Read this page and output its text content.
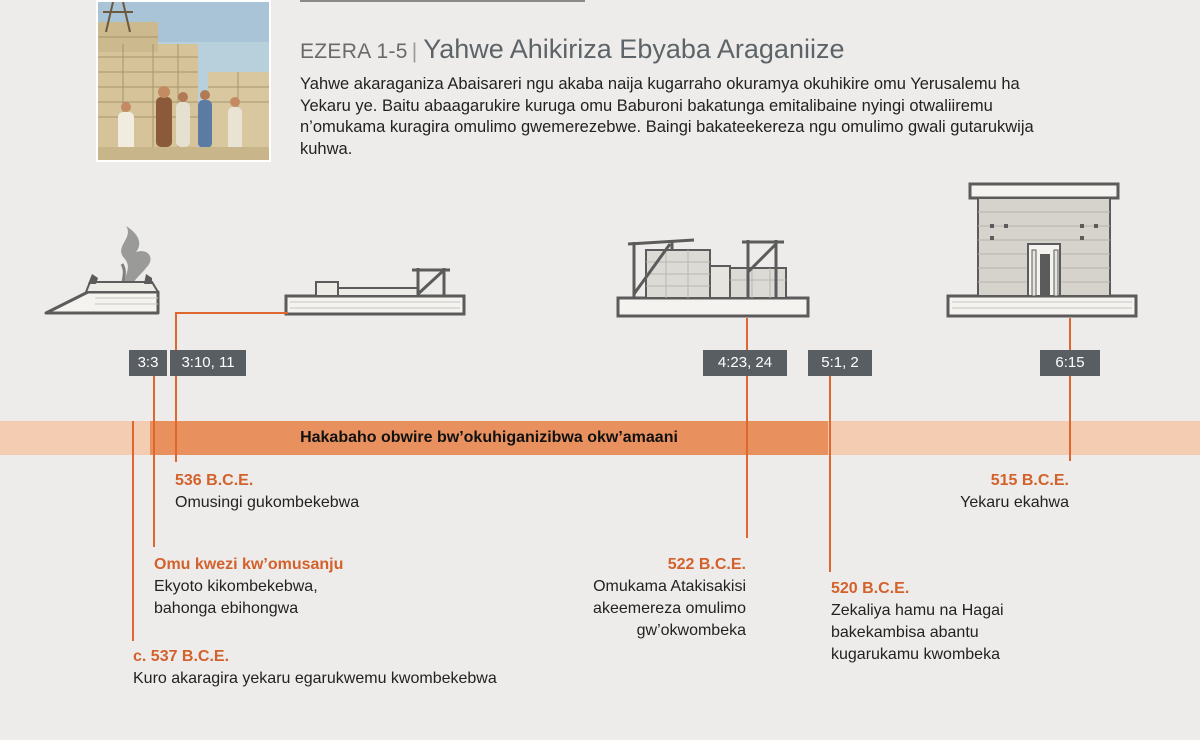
EZERA 1-5 | Yahwe Ahikiriza Ebyaba Araganiize
Yahwe akaraganiza Abaisareri ngu akaba naija kugarraho okuramya okuhikire omu Yerusalemu ha Yekaru ye. Baitu abaagarukire kuruga omu Baburoni bakatunga emitalibaine nyingi otwaliiremu n’omukama kuragira omulimo gwemerezebwe. Baingi bakateekereza ngu omulimo gwali gutarukwija kuhwa.
Hakabaho obwire bw’okuhiganizibwa okw’amaani
3:3	3:10, 11	4:23, 24	5:1, 2	6:15
536 B.C.E.
Omusingi gukombekebwa
Omu kwezi kw’omusanju
Ekyoto kikombekebwa,
bahonga ebihongwa
c. 537 B.C.E.
Kuro akaragira yekaru egarukwemu kwombekebwa
522 B.C.E.
Omukama Atakisakisi
akeemereza omulimo
gw’okwombeka
520 B.C.E.
Zekaliya hamu na Hagai
bakekambisa abantu
kugarukamu kwombeka
515 B.C.E.
Yekaru ekahwa
